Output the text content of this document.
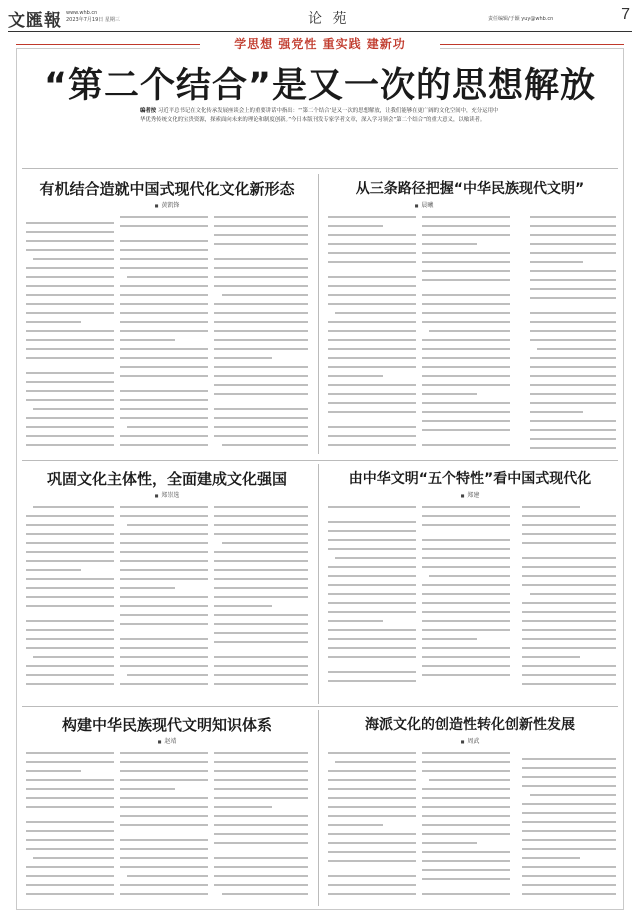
文匯報 www.whb.cn
2023年7月19日 星期三	论 苑	责任编辑/于颖 yuy@whb.cn	7
学思想 强党性 重实践 建新功
“第二个结合”是又一次的思想解放
编者按 习近平总书记在文化传承发展座谈会上的重要讲话中指出：“‘第二个结合’是又一次的思想解放，让我们能够在更广阔的文化空间中，充分运用中华优秀传统文化的宝贵资源，探索面向未来的理论和制度创新。”今日本版刊发专家学者文章，深入学习领会“第二个结合”的重大意义，以飨读者。
有机结合造就中国式现代化文化新形态
■ 黄凯锋
从三条路径把握“中华民族现代文明”
■ 晨曦
巩固文化主体性，全面建成文化强国
■ 郑崇选
由中华文明“五个特性”看中国式现代化
■ 郑建
构建中华民族现代文明知识体系
■ 赵靖
海派文化的创造性转化创新性发展
■ 周武
